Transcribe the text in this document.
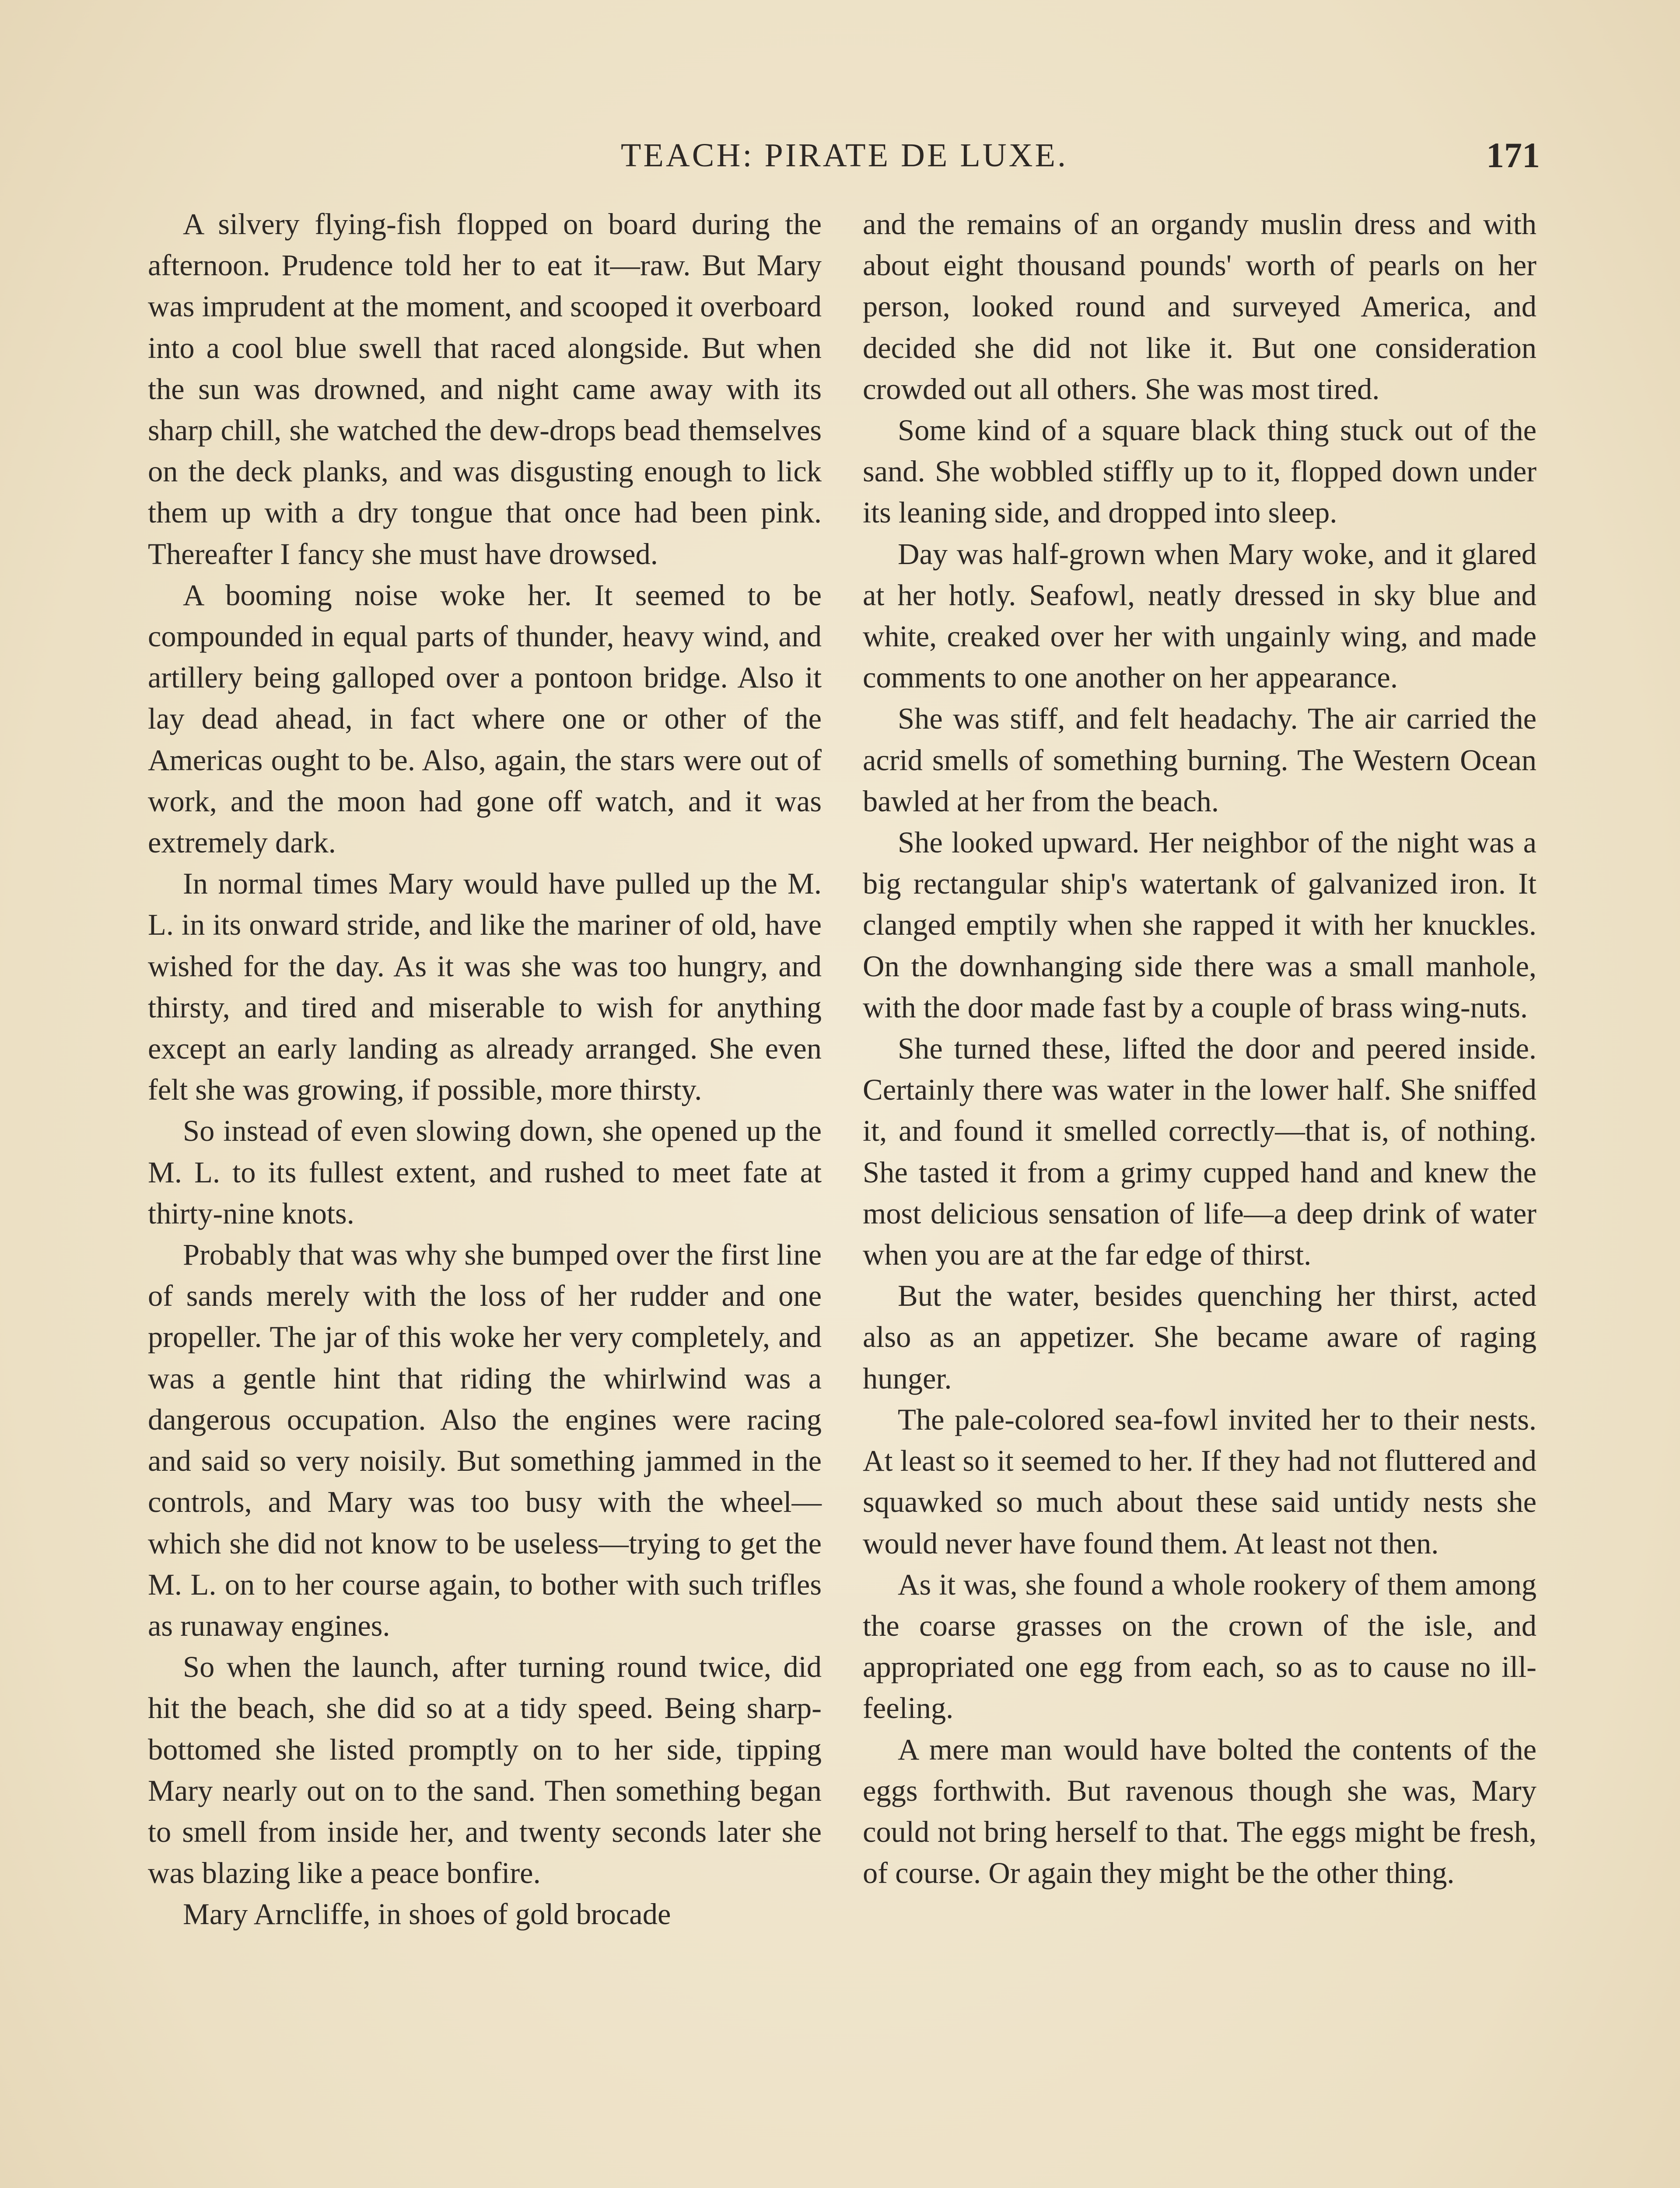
TEACH: PIRATE DE LUXE.	171

A silvery flying-fish flopped on board during the afternoon. Prudence told her to eat it—raw. But Mary was imprudent at the moment, and scooped it overboard into a cool blue swell that raced alongside. But when the sun was drowned, and night came away with its sharp chill, she watched the dew-drops bead themselves on the deck planks, and was disgusting enough to lick them up with a dry tongue that once had been pink. Thereafter I fancy she must have drowsed.

A booming noise woke her. It seemed to be compounded in equal parts of thunder, heavy wind, and artillery being galloped over a pontoon bridge. Also it lay dead ahead, in fact where one or other of the Americas ought to be. Also, again, the stars were out of work, and the moon had gone off watch, and it was extremely dark.

In normal times Mary would have pulled up the M. L. in its onward stride, and like the mariner of old, have wished for the day. As it was she was too hungry, and thirsty, and tired and miserable to wish for anything except an early landing as already arranged. She even felt she was growing, if possible, more thirsty.

So instead of even slowing down, she opened up the M. L. to its fullest extent, and rushed to meet fate at thirty-nine knots.

Probably that was why she bumped over the first line of sands merely with the loss of her rudder and one propeller. The jar of this woke her very completely, and was a gentle hint that riding the whirlwind was a dangerous occupation. Also the engines were racing and said so very noisily. But something jammed in the controls, and Mary was too busy with the wheel—which she did not know to be useless—trying to get the M. L. on to her course again, to bother with such trifles as runaway engines.

So when the launch, after turning round twice, did hit the beach, she did so at a tidy speed. Being sharp-bottomed she listed promptly on to her side, tipping Mary nearly out on to the sand. Then something began to smell from inside her, and twenty seconds later she was blazing like a peace bonfire.

Mary Arncliffe, in shoes of gold brocade

and the remains of an organdy muslin dress and with about eight thousand pounds' worth of pearls on her person, looked round and surveyed America, and decided she did not like it. But one consideration crowded out all others. She was most tired.

Some kind of a square black thing stuck out of the sand. She wobbled stiffly up to it, flopped down under its leaning side, and dropped into sleep.

Day was half-grown when Mary woke, and it glared at her hotly. Seafowl, neatly dressed in sky blue and white, creaked over her with ungainly wing, and made comments to one another on her appearance.

She was stiff, and felt headachy. The air carried the acrid smells of something burning. The Western Ocean bawled at her from the beach.

She looked upward. Her neighbor of the night was a big rectangular ship's watertank of galvanized iron. It clanged emptily when she rapped it with her knuckles. On the downhanging side there was a small manhole, with the door made fast by a couple of brass wing-nuts.

She turned these, lifted the door and peered inside. Certainly there was water in the lower half. She sniffed it, and found it smelled correctly—that is, of nothing. She tasted it from a grimy cupped hand and knew the most delicious sensation of life—a deep drink of water when you are at the far edge of thirst.

But the water, besides quenching her thirst, acted also as an appetizer. She became aware of raging hunger.

The pale-colored sea-fowl invited her to their nests. At least so it seemed to her. If they had not fluttered and squawked so much about these said untidy nests she would never have found them. At least not then.

As it was, she found a whole rookery of them among the coarse grasses on the crown of the isle, and appropriated one egg from each, so as to cause no ill-feeling.

A mere man would have bolted the contents of the eggs forthwith. But ravenous though she was, Mary could not bring herself to that. The eggs might be fresh, of course. Or again they might be the other thing.
